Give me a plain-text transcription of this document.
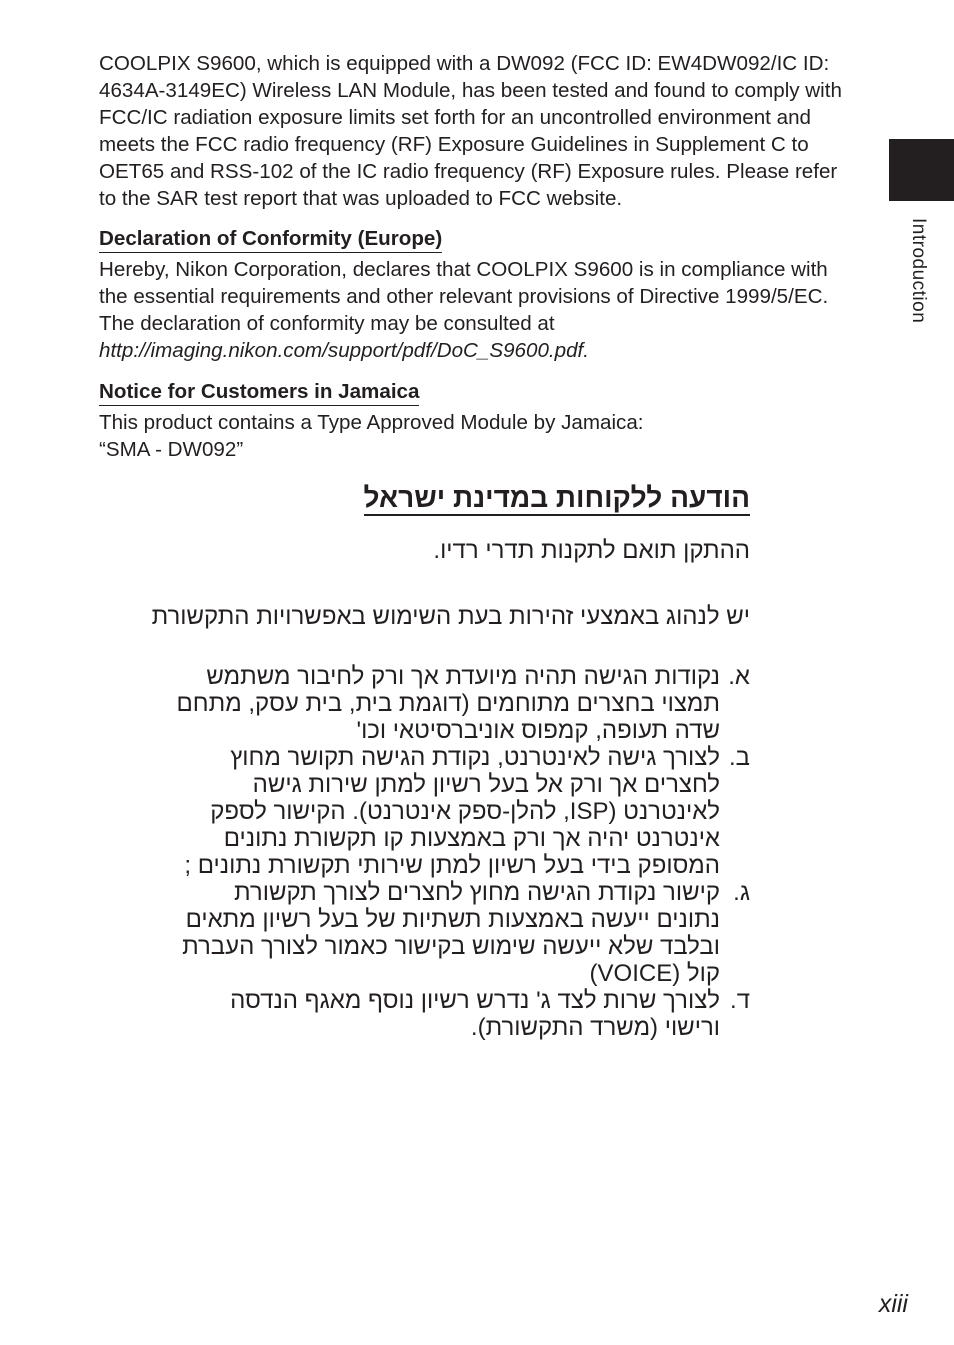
COOLPIX S9600, which is equipped with a DW092 (FCC ID: EW4DW092/IC ID: 4634A-3149EC) Wireless LAN Module, has been tested and found to comply with FCC/IC radiation exposure limits set forth for an uncontrolled environment and meets the FCC radio frequency (RF) Exposure Guidelines in Supplement C to OET65 and RSS-102 of the IC radio frequency (RF) Exposure rules. Please refer to the SAR test report that was uploaded to FCC website.

Declaration of Conformity (Europe)

Hereby, Nikon Corporation, declares that COOLPIX S9600 is in compliance with the essential requirements and other relevant provisions of Directive 1999/5/EC. The declaration of conformity may be consulted at
http://imaging.nikon.com/support/pdf/DoC_S9600.pdf.

Notice for Customers in Jamaica

This product contains a Type Approved Module by Jamaica:
“SMA - DW092”

הודעה ללקוחות במדינת ישראל

ההתקן תואם לתקנות תדרי רדיו.

יש לנהוג באמצעי זהירות בעת השימוש באפשרויות התקשורת

א.
נקודות הגישה תהיה מיועדת אך ורק לחיבור משתמש תמצוי בחצרים מתוחמים (דוגמת בית, בית עסק, מתחם שדה תעופה, קמפוס אוניברסיטאי וכו'
ב.
לצורך גישה לאינטרנט, נקודת הגישה תקושר מחוץ לחצרים אך ורק אל בעל רשיון למתן שירות גישה לאינטרנט (ISP, להלן-ספק אינטרנט). הקישור לספק אינטרנט יהיה אך ורק באמצעות קו תקשורת נתונים המסופק בידי בעל רשיון למתן שירותי תקשורת נתונים ;
ג.
קישור נקודת הגישה מחוץ לחצרים לצורך תקשורת נתונים ייעשה באמצעות תשתיות של בעל רשיון מתאים ובלבד שלא ייעשה שימוש בקישור כאמור לצורך העברת קול (VOICE)
ד.
לצורך שרות לצד ג' נדרש רשיון נוסף מאגף הנדסה ורישוי (משרד התקשורת).
Introduction
xiii
